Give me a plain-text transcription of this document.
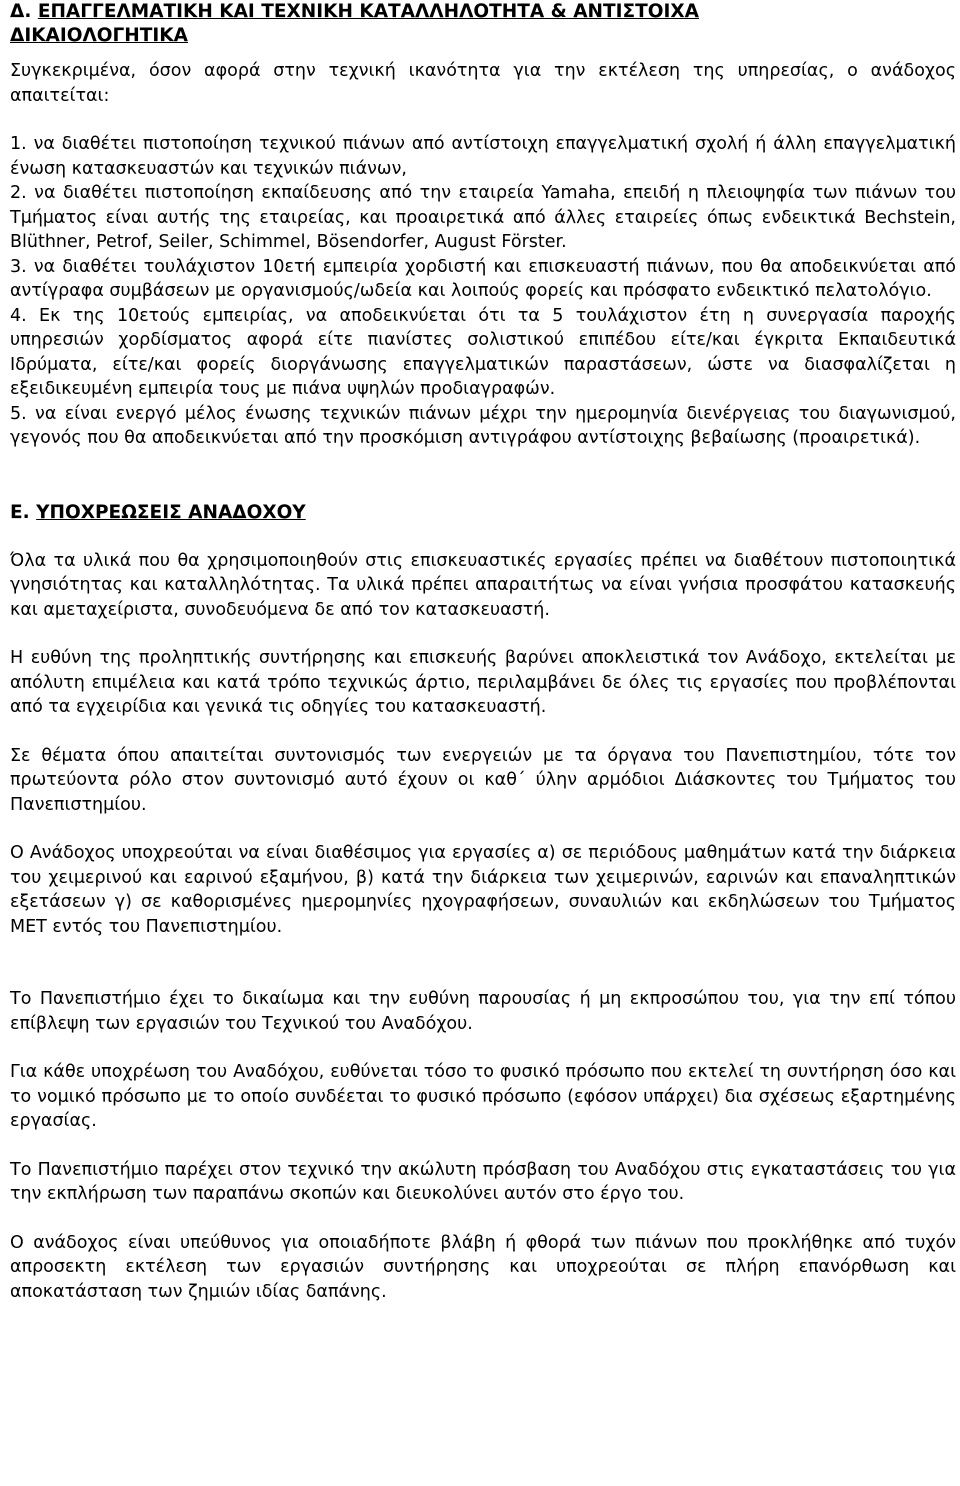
Δ. ΕΠΑΓΓΕΛΜΑΤΙΚΗ ΚΑΙ ΤΕΧΝΙΚΗ ΚΑΤΑΛΛΗΛΟΤΗΤΑ & ΑΝΤΙΣΤΟΙΧΑ
ΔΙΚΑΙΟΛΟΓΗΤΙΚΑ

Συγκεκριμένα, όσον αφορά στην τεχνική ικανότητα για την εκτέλεση της υπηρεσίας, ο ανάδοχος απαιτείται:

1. να διαθέτει πιστοποίηση τεχνικού πιάνων από αντίστοιχη επαγγελματική σχολή ή άλλη επαγγελματική ένωση κατασκευαστών και τεχνικών πιάνων,

2. να διαθέτει πιστοποίηση εκπαίδευσης από την εταιρεία Yamaha, επειδή η πλειοψηφία των πιάνων του Τμήματος είναι αυτής της εταιρείας, και προαιρετικά από άλλες εταιρείες όπως ενδεικτικά Bechstein, Blüthner, Petrof, Seiler, Schimmel, Bösendorfer, August Förster.

3. να διαθέτει τουλάχιστον 10ετή εμπειρία χορδιστή και επισκευαστή πιάνων, που θα αποδεικνύεται από αντίγραφα συμβάσεων με οργανισμούς/ωδεία και λοιπούς φορείς και πρόσφατο ενδεικτικό πελατολόγιο.

4. Εκ της 10ετούς εμπειρίας, να αποδεικνύεται ότι τα 5 τουλάχιστον έτη η συνεργασία παροχής υπηρεσιών χορδίσματος αφορά είτε πιανίστες σολιστικού επιπέδου είτε/και έγκριτα Εκπαιδευτικά Ιδρύματα, είτε/και φορείς διοργάνωσης επαγγελματικών παραστάσεων, ώστε να διασφαλίζεται η εξειδικευμένη εμπειρία τους με πιάνα υψηλών προδιαγραφών.

5. να είναι ενεργό μέλος ένωσης τεχνικών πιάνων μέχρι την ημερομηνία διενέργειας του διαγωνισμού, γεγονός που θα αποδεικνύεται από την προσκόμιση αντιγράφου αντίστοιχης βεβαίωσης (προαιρετικά).

Ε. ΥΠΟΧΡΕΩΣΕΙΣ ΑΝΑΔΟΧΟΥ

Όλα τα υλικά που θα χρησιμοποιηθούν στις επισκευαστικές εργασίες πρέπει να διαθέτουν πιστοποιητικά γνησιότητας και καταλληλότητας. Τα υλικά πρέπει απαραιτήτως να είναι γνήσια προσφάτου κατασκευής και αμεταχείριστα, συνοδευόμενα δε από τον κατασκευαστή.

Η ευθύνη της προληπτικής συντήρησης και επισκευής βαρύνει αποκλειστικά τον Ανάδοχο, εκτελείται με απόλυτη επιμέλεια και κατά τρόπο τεχνικώς άρτιο, περιλαμβάνει δε όλες τις εργασίες που προβλέπονται από τα εγχειρίδια και γενικά τις οδηγίες του κατασκευαστή.

Σε θέματα όπου απαιτείται συντονισμός των ενεργειών με τα όργανα του Πανεπιστημίου, τότε τον πρωτεύοντα ρόλο στον συντονισμό αυτό έχουν οι καθ΄ ύλην αρμόδιοι Διάσκοντες του Τμήματος του Πανεπιστημίου.

Ο Ανάδοχος υποχρεούται να είναι διαθέσιμος για εργασίες α) σε περιόδους μαθημάτων κατά την διάρκεια του χειμερινού και εαρινού εξαμήνου, β) κατά την διάρκεια των χειμερινών, εαρινών και επαναληπτικών εξετάσεων γ) σε καθορισμένες ημερομηνίες ηχογραφήσεων, συναυλιών και εκδηλώσεων του Τμήματος ΜΕΤ εντός του Πανεπιστημίου.

Το Πανεπιστήμιο έχει το δικαίωμα και την ευθύνη παρουσίας ή μη εκπροσώπου του, για την επί τόπου επίβλεψη των εργασιών του Τεχνικού του Αναδόχου.

Για κάθε υποχρέωση του Αναδόχου, ευθύνεται τόσο το φυσικό πρόσωπο που εκτελεί τη συντήρηση όσο και το νομικό πρόσωπο με το οποίο συνδέεται το φυσικό πρόσωπο (εφόσον υπάρχει) δια σχέσεως εξαρτημένης εργασίας.

Το Πανεπιστήμιο παρέχει στον τεχνικό την ακώλυτη πρόσβαση του Αναδόχου στις εγκαταστάσεις του για την εκπλήρωση των παραπάνω σκοπών και διευκολύνει αυτόν στο έργο του.

Ο ανάδοχος είναι υπεύθυνος για οποιαδήποτε βλάβη ή φθορά των πιάνων που προκλήθηκε από τυχόν απροσεκτη εκτέλεση των εργασιών συντήρησης και υποχρεούται σε πλήρη επανόρθωση και αποκατάσταση των ζημιών ιδίας δαπάνης.
